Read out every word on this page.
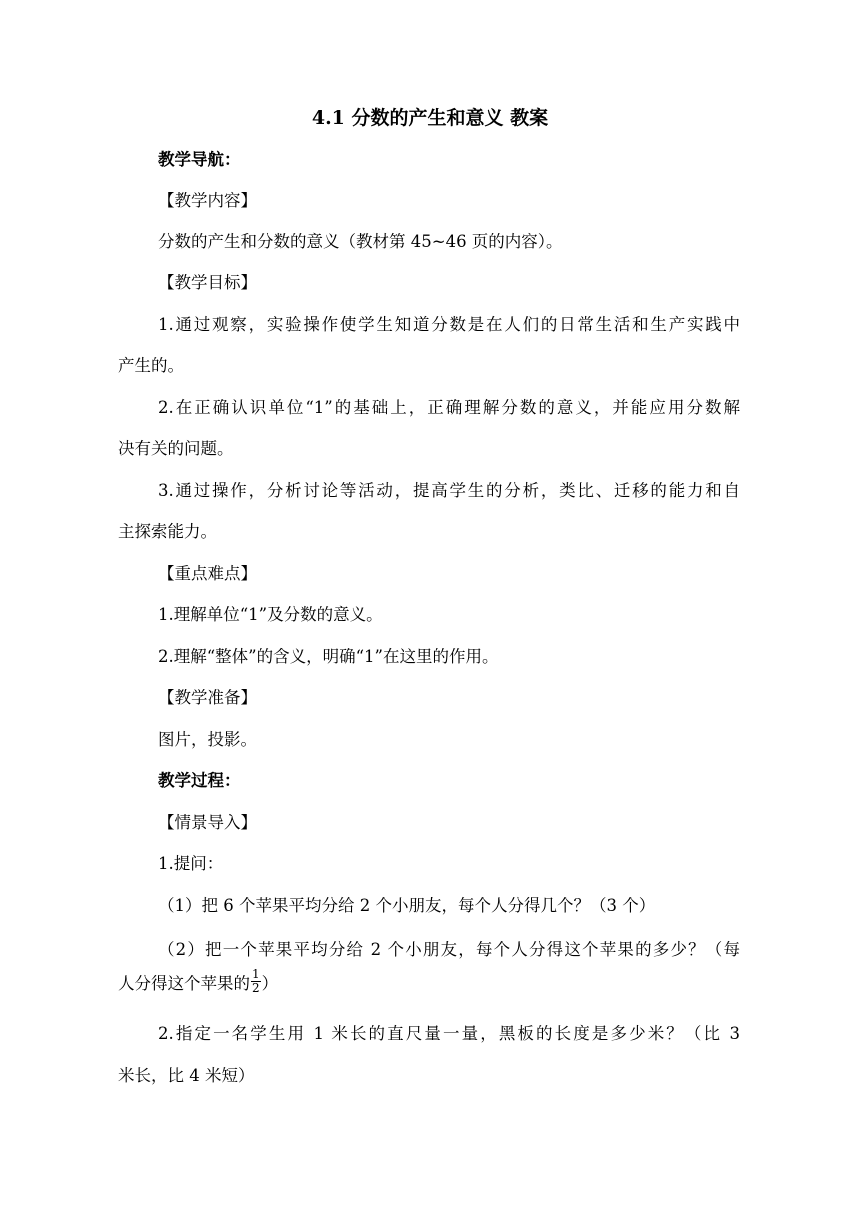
4.1 分数的产生和意义 教案
教学导航：
【教学内容】
分数的产生和分数的意义（教材第 45~46 页的内容）。
【教学目标】
1.通过观察，实验操作使学生知道分数是在人们的日常生活和生产实践中
产生的。
2.在正确认识单位“1”的基础上，正确理解分数的意义，并能应用分数解
决有关的问题。
3.通过操作，分析讨论等活动，提高学生的分析，类比、迁移的能力和自
主探索能力。
【重点难点】
1.理解单位“1”及分数的意义。
2.理解“整体”的含义，明确“1”在这里的作用。
【教学准备】
图片，投影。
教学过程：
【情景导入】
1.提问：
（1）把 6 个苹果平均分给 2 个小朋友，每个人分得几个？（3 个）
（2）把一个苹果平均分给 2 个小朋友，每个人分得这个苹果的多少？（每
人分得这个苹果的 $\frac{1}{2}$ ）
2.指定一名学生用 1 米长的直尺量一量，黑板的长度是多少米？（比 3
米长，比 4 米短）
